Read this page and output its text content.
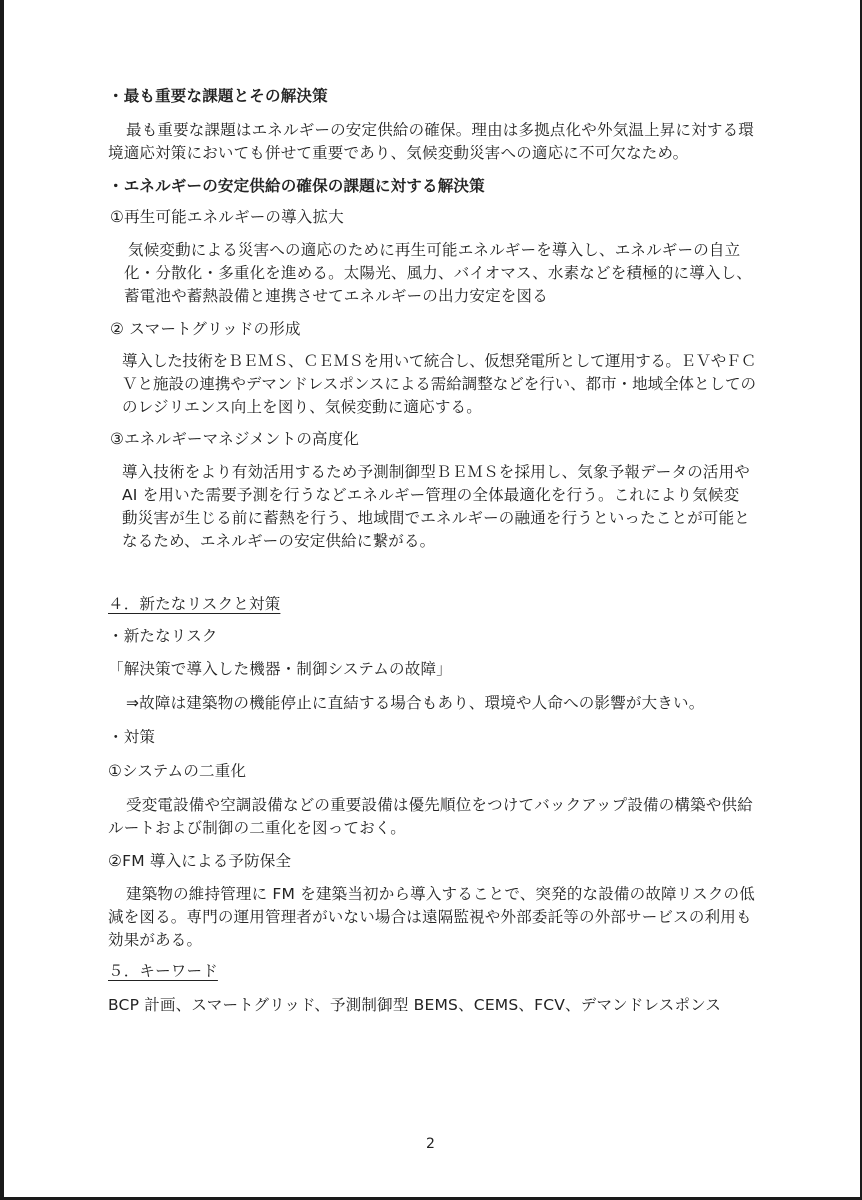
・最も重要な課題とその解決策
最も重要な課題はエネルギーの安定供給の確保。理由は多拠点化や外気温上昇に対する環
境適応対策においても併せて重要であり、気候変動災害への適応に不可欠なため。
・エネルギーの安定供給の確保の課題に対する解決策
①再生可能エネルギーの導入拡大
気候変動による災害への適応のために再生可能エネルギーを導入し、エネルギーの自立
化・分散化・多重化を進める。太陽光、風力、バイオマス、水素などを積極的に導入し、
蓄電池や蓄熱設備と連携させてエネルギーの出力安定を図る
② スマートグリッドの形成
導入した技術をＢＥＭＳ、ＣＥＭＳを用いて統合し、仮想発電所として運用する。ＥＶやＦＣ
Ｖと施設の連携やデマンドレスポンスによる需給調整などを行い、都市・地域全体としての
のレジリエンス向上を図り、気候変動に適応する。
③エネルギーマネジメントの高度化
導入技術をより有効活用するため予測制御型ＢＥＭＳを採用し、気象予報データの活用や
AI を用いた需要予測を行うなどエネルギー管理の全体最適化を行う。これにより気候変
動災害が生じる前に蓄熱を行う、地域間でエネルギーの融通を行うといったことが可能と
なるため、エネルギーの安定供給に繋がる。
４．新たなリスクと対策
・新たなリスク
「解決策で導入した機器・制御システムの故障」
⇒故障は建築物の機能停止に直結する場合もあり、環境や人命への影響が大きい。
・対策
①システムの二重化
受変電設備や空調設備などの重要設備は優先順位をつけてバックアップ設備の構築や供給
ルートおよび制御の二重化を図っておく。
②FM 導入による予防保全
建築物の維持管理に FM を建築当初から導入することで、突発的な設備の故障リスクの低
減を図る。専門の運用管理者がいない場合は遠隔監視や外部委託等の外部サービスの利用も
効果がある。
５．キーワード
BCP 計画、スマートグリッド、予測制御型 BEMS、CEMS、FCV、デマンドレスポンス
2
